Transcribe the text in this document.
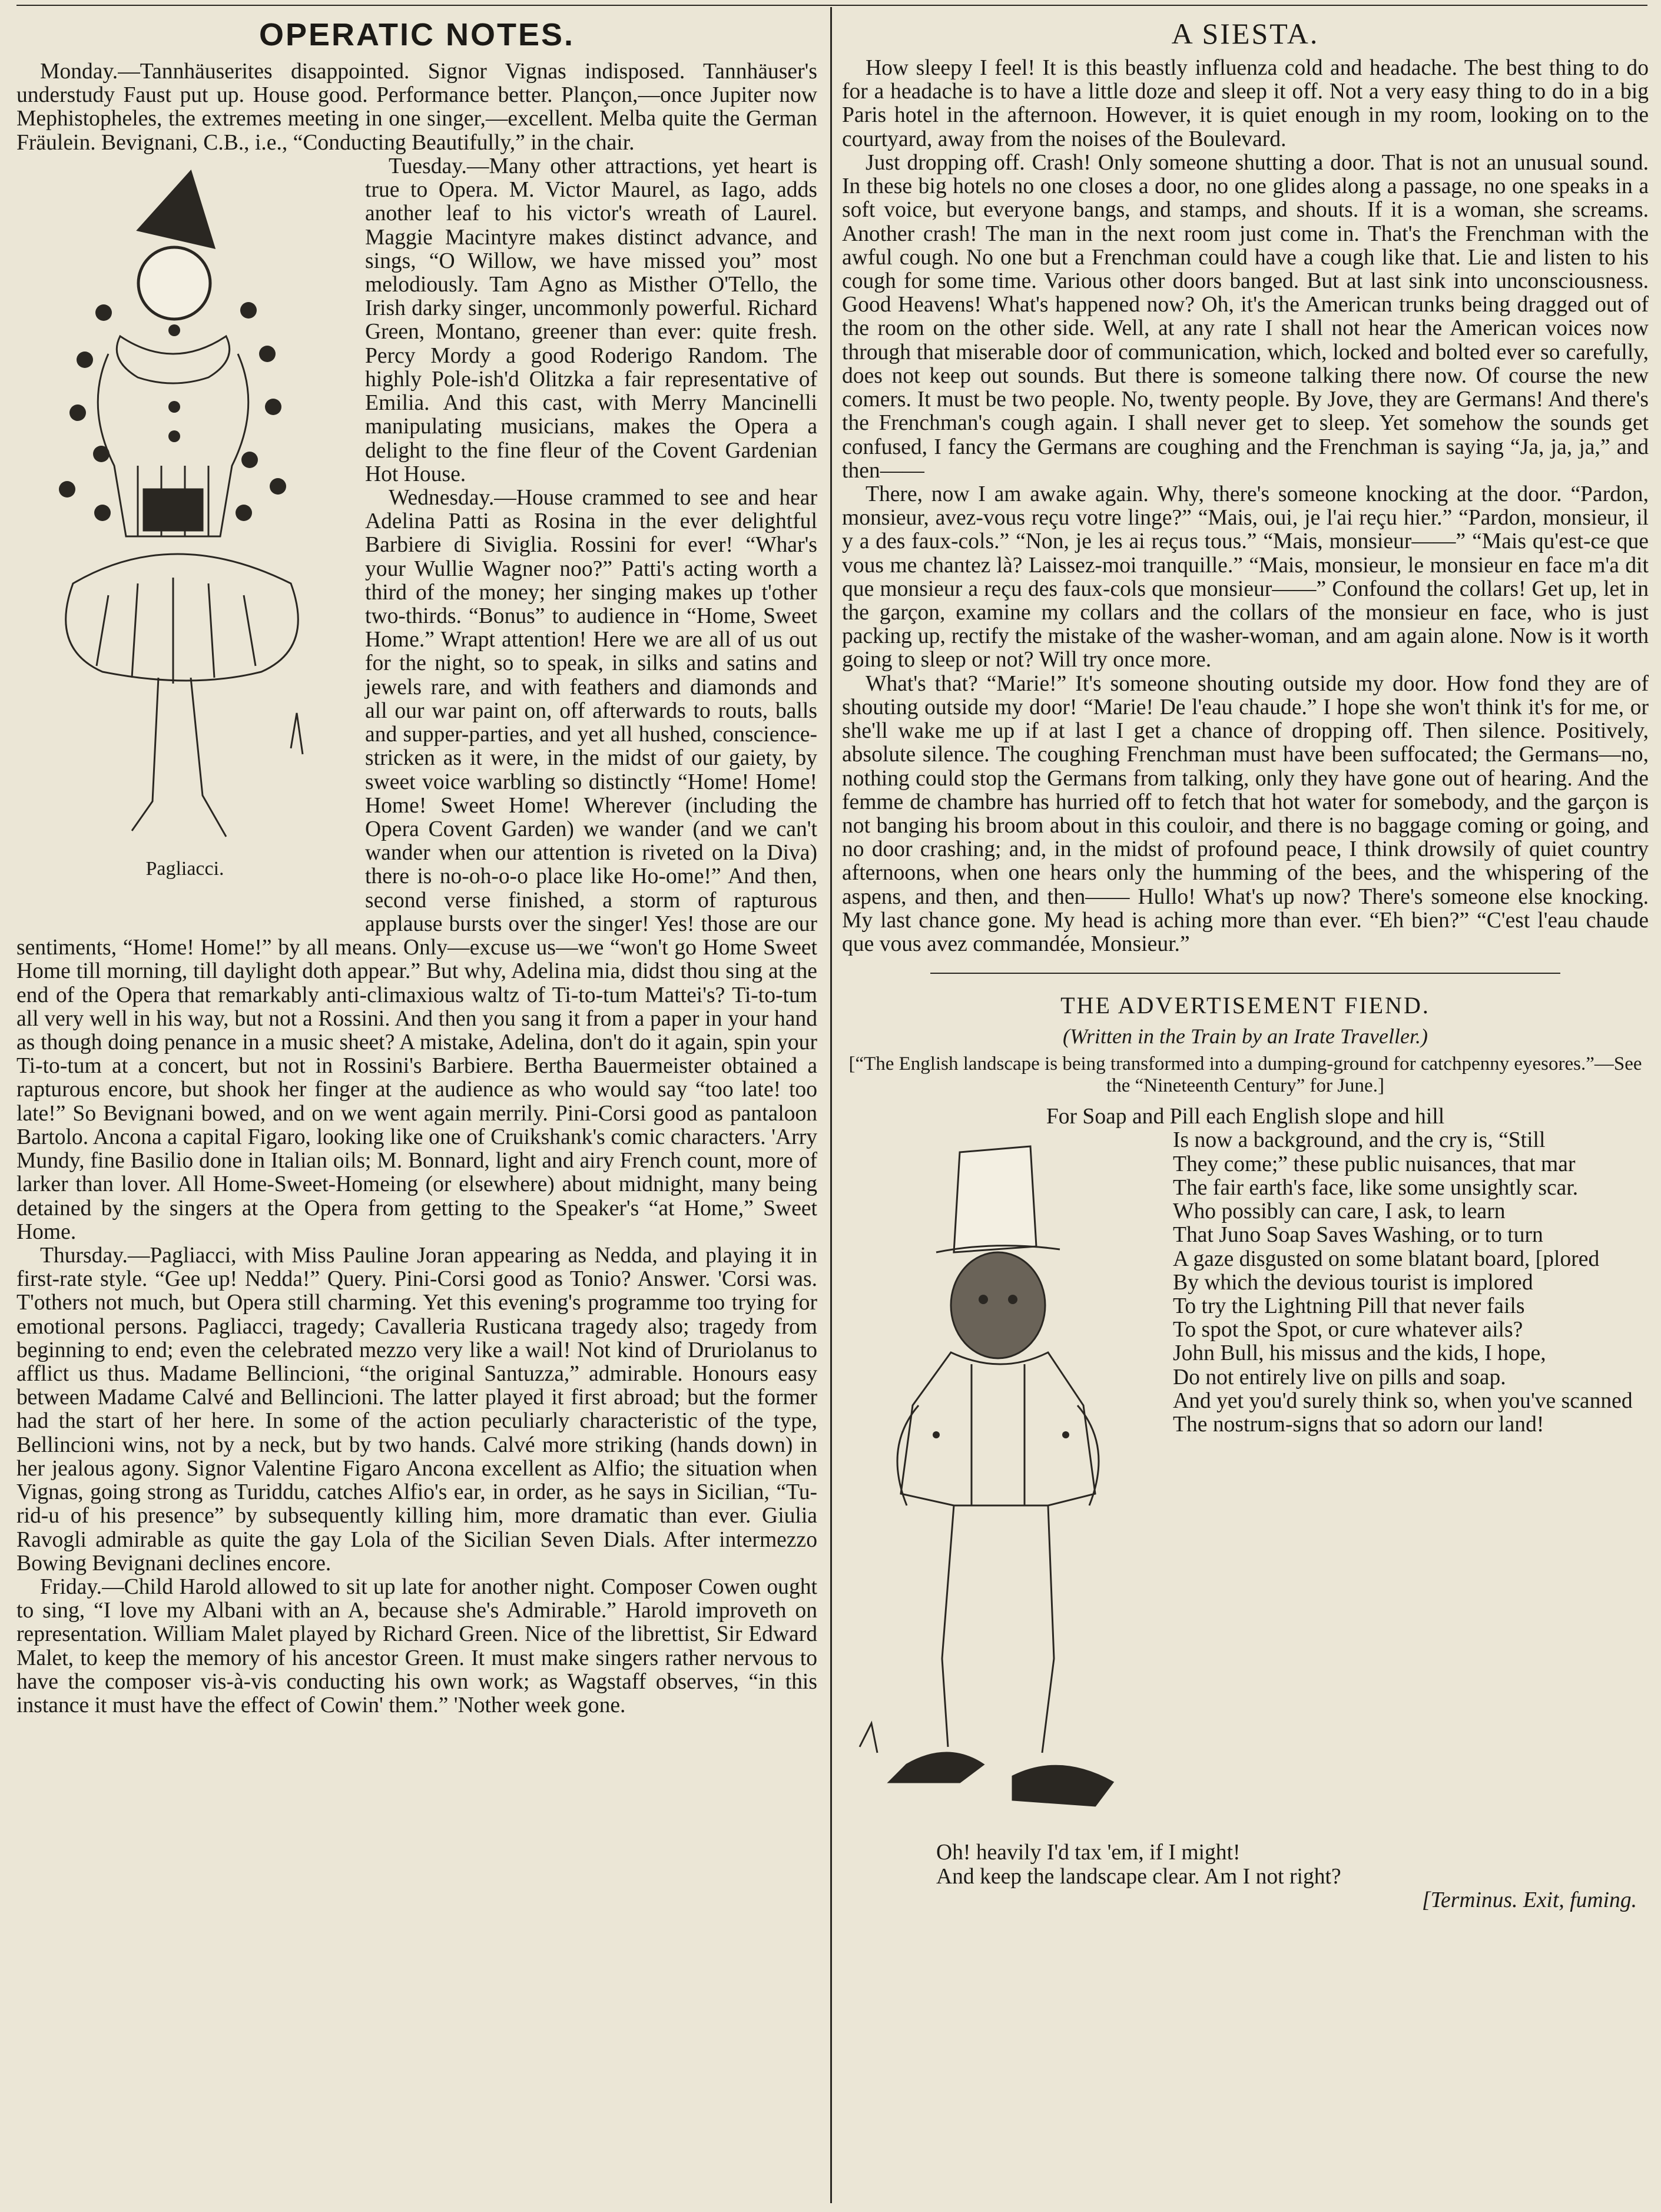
OPERATIC NOTES.

Monday.—Tannhäuserites disappointed. Signor Vignas indisposed. Tannhäuser's understudy Faust put up. House good. Performance better. Plançon,—once Jupiter now Mephistopheles, the extremes meeting in one singer,—excellent. Melba quite the German Fräulein. Bevignani, C.B., i.e., “Conducting Beautifully,” in the chair.

Pagliacci.

Tuesday.—Many other attractions, yet heart is true to Opera. M. Victor Maurel, as Iago, adds another leaf to his victor's wreath of Laurel. Maggie Macintyre makes distinct advance, and sings, “O Willow, we have missed you” most melodiously. Tam Agno as Misther O'Tello, the Irish darky singer, uncommonly powerful. Richard Green, Montano, greener than ever: quite fresh. Percy Mordy a good Roderigo Random. The highly Pole-ish'd Olitzka a fair representative of Emilia. And this cast, with Merry Mancinelli manipulating musicians, makes the Opera a delight to the fine fleur of the Covent Gardenian Hot House.

Wednesday.—House crammed to see and hear Adelina Patti as Rosina in the ever delightful Barbiere di Siviglia. Rossini for ever! “Whar's your Wullie Wagner noo?” Patti's acting worth a third of the money; her singing makes up t'other two-thirds. “Bonus” to audience in “Home, Sweet Home.” Wrapt attention! Here we are all of us out for the night, so to speak, in silks and satins and jewels rare, and with feathers and diamonds and all our war paint on, off afterwards to routs, balls and supper-parties, and yet all hushed, conscience-stricken as it were, in the midst of our gaiety, by sweet voice warbling so distinctly “Home! Home! Home! Sweet Home! Wherever (including the Opera Covent Garden) we wander (and we can't wander when our attention is riveted on la Diva) there is no-oh-o-o place like Ho-ome!” And then, second verse finished, a storm of rapturous applause bursts over the singer! Yes! those are our sentiments, “Home! Home!” by all means. Only—excuse us—we “won't go Home Sweet Home till morning, till daylight doth appear.” But why, Adelina mia, didst thou sing at the end of the Opera that remarkably anti-climaxious waltz of Ti-to-tum Mattei's? Ti-to-tum all very well in his way, but not a Rossini. And then you sang it from a paper in your hand as though doing penance in a music sheet? A mistake, Adelina, don't do it again, spin your Ti-to-tum at a concert, but not in Rossini's Barbiere. Bertha Bauermeister obtained a rapturous encore, but shook her finger at the audience as who would say “too late! too late!” So Bevignani bowed, and on we went again merrily. Pini-Corsi good as pantaloon Bartolo. Ancona a capital Figaro, looking like one of Cruikshank's comic characters. 'Arry Mundy, fine Basilio done in Italian oils; M. Bonnard, light and airy French count, more of larker than lover. All Home-Sweet-Homeing (or elsewhere) about midnight, many being detained by the singers at the Opera from getting to the Speaker's “at Home,” Sweet Home.

Thursday.—Pagliacci, with Miss Pauline Joran appearing as Nedda, and playing it in first-rate style. “Gee up! Nedda!” Query. Pini-Corsi good as Tonio? Answer. 'Corsi was. T'others not much, but Opera still charming. Yet this evening's programme too trying for emotional persons. Pagliacci, tragedy; Cavalleria Rusticana tragedy also; tragedy from beginning to end; even the celebrated mezzo very like a wail! Not kind of Druriolanus to afflict us thus. Madame Bellincioni, “the original Santuzza,” admirable. Honours easy between Madame Calvé and Bellincioni. The latter played it first abroad; but the former had the start of her here. In some of the action peculiarly characteristic of the type, Bellincioni wins, not by a neck, but by two hands. Calvé more striking (hands down) in her jealous agony. Signor Valentine Figaro Ancona excellent as Alfio; the situation when Vignas, going strong as Turiddu, catches Alfio's ear, in order, as he says in Sicilian, “Tu-rid-u of his presence” by subsequently killing him, more dramatic than ever. Giulia Ravogli admirable as quite the gay Lola of the Sicilian Seven Dials. After intermezzo Bowing Bevignani declines encore.

Friday.—Child Harold allowed to sit up late for another night. Composer Cowen ought to sing, “I love my Albani with an A, because she's Admirable.” Harold improveth on representation. William Malet played by Richard Green. Nice of the librettist, Sir Edward Malet, to keep the memory of his ancestor Green. It must make singers rather nervous to have the composer vis-à-vis conducting his own work; as Wagstaff observes, “in this instance it must have the effect of Cowin' them.” 'Nother week gone.

A SIESTA.

How sleepy I feel! It is this beastly influenza cold and headache. The best thing to do for a headache is to have a little doze and sleep it off. Not a very easy thing to do in a big Paris hotel in the afternoon. However, it is quiet enough in my room, looking on to the courtyard, away from the noises of the Boulevard.

Just dropping off. Crash! Only someone shutting a door. That is not an unusual sound. In these big hotels no one closes a door, no one glides along a passage, no one speaks in a soft voice, but everyone bangs, and stamps, and shouts. If it is a woman, she screams. Another crash! The man in the next room just come in. That's the Frenchman with the awful cough. No one but a Frenchman could have a cough like that. Lie and listen to his cough for some time. Various other doors banged. But at last sink into unconsciousness. Good Heavens! What's happened now? Oh, it's the American trunks being dragged out of the room on the other side. Well, at any rate I shall not hear the American voices now through that miserable door of communication, which, locked and bolted ever so carefully, does not keep out sounds. But there is someone talking there now. Of course the new comers. It must be two people. No, twenty people. By Jove, they are Germans! And there's the Frenchman's cough again. I shall never get to sleep. Yet somehow the sounds get confused, I fancy the Germans are coughing and the Frenchman is saying “Ja, ja, ja,” and then——

There, now I am awake again. Why, there's someone knocking at the door. “Pardon, monsieur, avez-vous reçu votre linge?” “Mais, oui, je l'ai reçu hier.” “Pardon, monsieur, il y a des faux-cols.” “Non, je les ai reçus tous.” “Mais, monsieur——” “Mais qu'est-ce que vous me chantez là? Laissez-moi tranquille.” “Mais, monsieur, le monsieur en face m'a dit que monsieur a reçu des faux-cols que monsieur——” Confound the collars! Get up, let in the garçon, examine my collars and the collars of the monsieur en face, who is just packing up, rectify the mistake of the washer-woman, and am again alone. Now is it worth going to sleep or not? Will try once more.

What's that? “Marie!” It's someone shouting outside my door. How fond they are of shouting outside my door! “Marie! De l'eau chaude.” I hope she won't think it's for me, or she'll wake me up if at last I get a chance of dropping off. Then silence. Positively, absolute silence. The coughing Frenchman must have been suffocated; the Germans—no, nothing could stop the Germans from talking, only they have gone out of hearing. And the femme de chambre has hurried off to fetch that hot water for somebody, and the garçon is not banging his broom about in this couloir, and there is no baggage coming or going, and no door crashing; and, in the midst of profound peace, I think drowsily of quiet country afternoons, when one hears only the humming of the bees, and the whispering of the aspens, and then, and then—— Hullo! What's up now? There's someone else knocking. My last chance gone. My head is aching more than ever. “Eh bien?” “C'est l'eau chaude que vous avez commandée, Monsieur.”

THE ADVERTISEMENT FIEND.
(Written in the Train by an Irate Traveller.)
[“The English landscape is being transformed into a dumping-ground for catchpenny eyesores.”—See the “Nineteenth Century” for June.]
For Soap and Pill each English slope and hill
Is now a background, and the cry is, “Still
They come;” these public nuisances, that mar
The fair earth's face, like some unsightly scar.
Who possibly can care, I ask, to learn
That Juno Soap Saves Washing, or to turn
A gaze disgusted on some blatant board, [plored
By which the devious tourist is implored
To try the Lightning Pill that never fails
To spot the Spot, or cure whatever ails?
John Bull, his missus and the kids, I hope,
Do not entirely live on pills and soap.
And yet you'd surely think so, when you've scanned
The nostrum-signs that so adorn our land!
Oh! heavily I'd tax 'em, if I might!
And keep the landscape clear. Am I not right?
[Terminus. Exit, fuming.
